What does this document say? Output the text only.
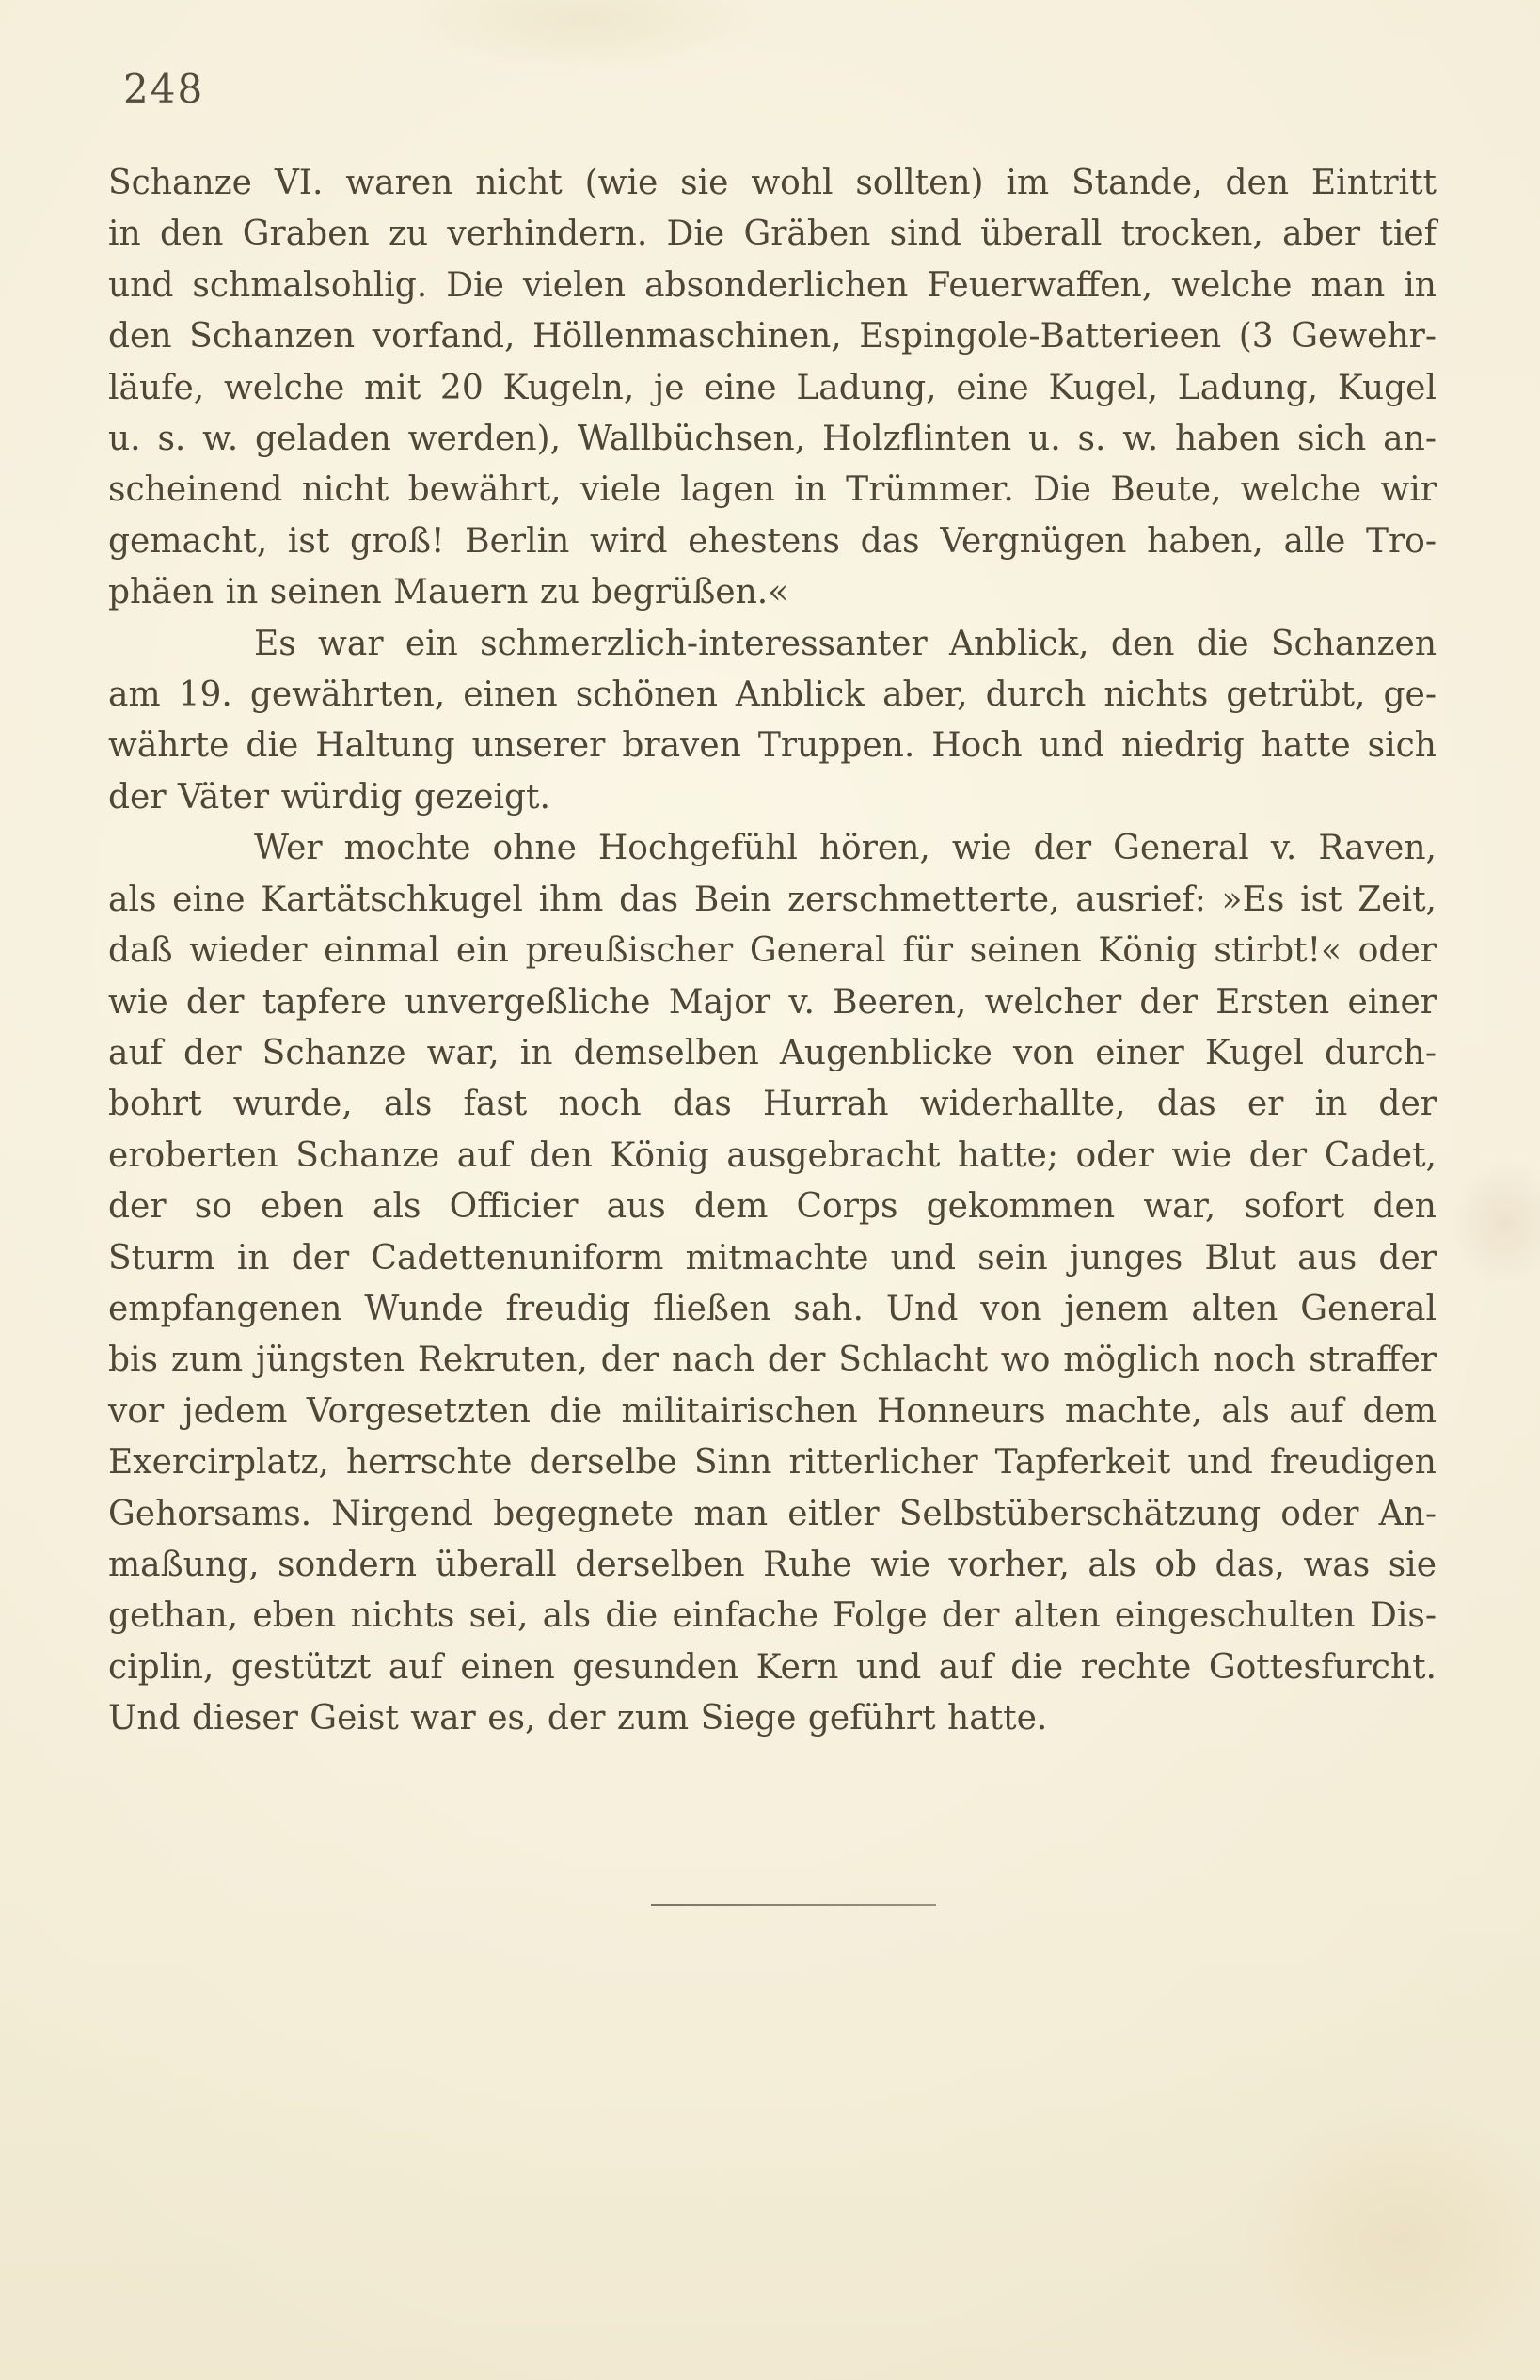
248
Schanze VI. waren nicht (wie sie wohl sollten) im Stande, den Eintritt
in den Graben zu verhindern. Die Gräben sind überall trocken, aber tief
und schmalsohlig. Die vielen absonderlichen Feuerwaffen, welche man in
den Schanzen vorfand, Höllenmaschinen, Espingole-Batterieen (3 Gewehr-
läufe, welche mit 20 Kugeln, je eine Ladung, eine Kugel, Ladung, Kugel
u. s. w. geladen werden), Wallbüchsen, Holzflinten u. s. w. haben sich an-
scheinend nicht bewährt, viele lagen in Trümmer. Die Beute, welche wir
gemacht, ist groß! Berlin wird ehestens das Vergnügen haben, alle Tro-
phäen in seinen Mauern zu begrüßen.«
Es war ein schmerzlich-interessanter Anblick, den die Schanzen
am 19. gewährten, einen schönen Anblick aber, durch nichts getrübt, ge-
währte die Haltung unserer braven Truppen. Hoch und niedrig hatte sich
der Väter würdig gezeigt.
Wer mochte ohne Hochgefühl hören, wie der General v. Raven,
als eine Kartätschkugel ihm das Bein zerschmetterte, ausrief: »Es ist Zeit,
daß wieder einmal ein preußischer General für seinen König stirbt!« oder
wie der tapfere unvergeßliche Major v. Beeren, welcher der Ersten einer
auf der Schanze war, in demselben Augenblicke von einer Kugel durch-
bohrt wurde, als fast noch das Hurrah widerhallte, das er in der
eroberten Schanze auf den König ausgebracht hatte; oder wie der Cadet,
der so eben als Officier aus dem Corps gekommen war, sofort den
Sturm in der Cadettenuniform mitmachte und sein junges Blut aus der
empfangenen Wunde freudig fließen sah. Und von jenem alten General
bis zum jüngsten Rekruten, der nach der Schlacht wo möglich noch straffer
vor jedem Vorgesetzten die militairischen Honneurs machte, als auf dem
Exercirplatz, herrschte derselbe Sinn ritterlicher Tapferkeit und freudigen
Gehorsams. Nirgend begegnete man eitler Selbstüberschätzung oder An-
maßung, sondern überall derselben Ruhe wie vorher, als ob das, was sie
gethan, eben nichts sei, als die einfache Folge der alten eingeschulten Dis-
ciplin, gestützt auf einen gesunden Kern und auf die rechte Gottesfurcht.
Und dieser Geist war es, der zum Siege geführt hatte.
